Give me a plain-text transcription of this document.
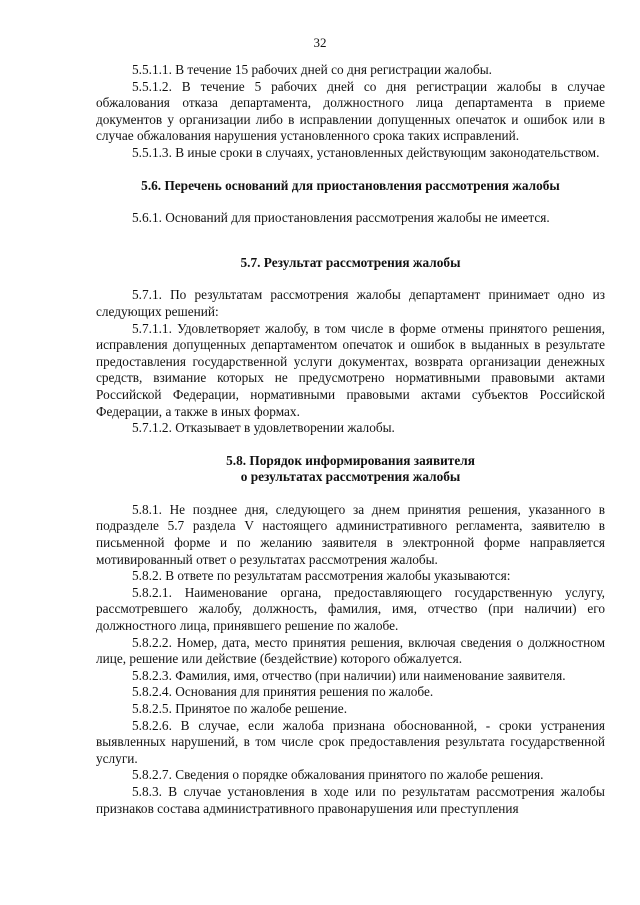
32

5.5.1.1. В течение 15 рабочих дней со дня регистрации жалобы.

5.5.1.2. В течение 5 рабочих дней со дня регистрации жалобы в случае обжалования отказа департамента, должностного лица департамента в приеме документов у организации либо в исправлении допущенных опечаток и ошибок или в случае обжалования нарушения установленного срока таких исправлений.

5.5.1.3. В иные сроки в случаях, установленных действующим законодательством.

5.6. Перечень оснований для приостановления рассмотрения жалобы

5.6.1. Оснований для приостановления рассмотрения жалобы не имеется.

5.7. Результат рассмотрения жалобы

5.7.1. По результатам рассмотрения жалобы департамент принимает одно из следующих решений:

5.7.1.1. Удовлетворяет жалобу, в том числе в форме отмены принятого решения, исправления допущенных департаментом опечаток и ошибок в выданных в результате предоставления государственной услуги документах, возврата организации денежных средств, взимание которых не предусмотрено нормативными правовыми актами Российской Федерации, нормативными правовыми актами субъектов Российской Федерации, а также в иных формах.

5.7.1.2. Отказывает в удовлетворении жалобы.

5.8. Порядок информирования заявителя
о результатах рассмотрения жалобы

5.8.1. Не позднее дня, следующего за днем принятия решения, указанного в подразделе 5.7 раздела V настоящего административного регламента, заявителю в письменной форме и по желанию заявителя в электронной форме направляется мотивированный ответ о результатах рассмотрения жалобы.

5.8.2. В ответе по результатам рассмотрения жалобы указываются:

5.8.2.1. Наименование органа, предоставляющего государственную услугу, рассмотревшего жалобу, должность, фамилия, имя, отчество (при наличии) его должностного лица, принявшего решение по жалобе.

5.8.2.2. Номер, дата, место принятия решения, включая сведения о должностном лице, решение или действие (бездействие) которого обжалуется.

5.8.2.3. Фамилия, имя, отчество (при наличии) или наименование заявителя.

5.8.2.4. Основания для принятия решения по жалобе.

5.8.2.5. Принятое по жалобе решение.

5.8.2.6. В случае, если жалоба признана обоснованной, - сроки устранения выявленных нарушений, в том числе срок предоставления результата государственной услуги.

5.8.2.7. Сведения о порядке обжалования принятого по жалобе решения.

5.8.3. В случае установления в ходе или по результатам рассмотрения жалобы признаков состава административного правонарушения или преступления
